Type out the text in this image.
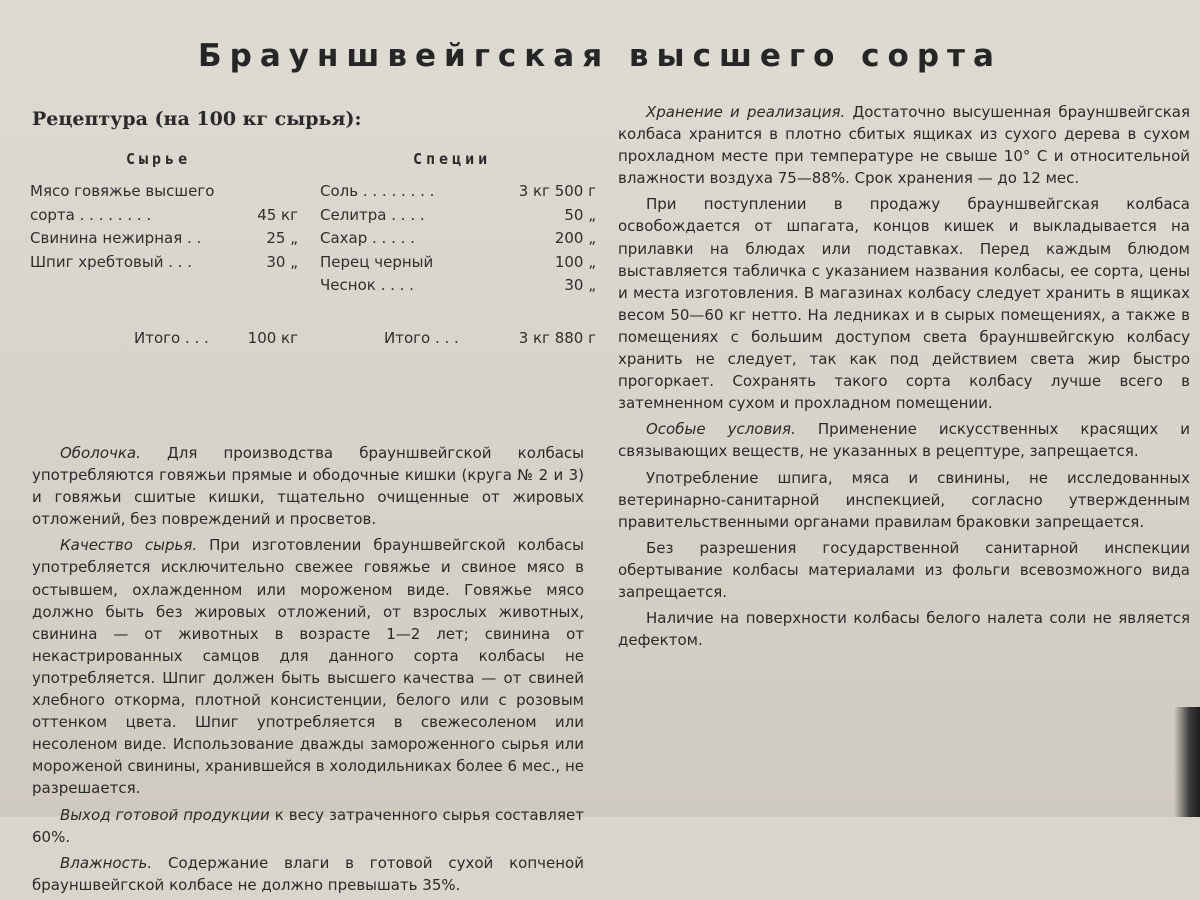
Брауншвейгская высшего сорта
Рецептура (на 100 кг сырья):
Сырье	Специи
Мясо говяжье высшего
сорта . . . . . . . .	45 кг
Свинина нежирная . .	25 „
Шпиг хребтовый . . .	30 „
Соль . . . . . . . .	3 кг 500 г
Селитра . . . .	50 „
Сахар . . . . .	200 „
Перец черный	100 „
Чеснок . . . .	30 „
Итого . . .	100 кг	Итого . . .	3 кг 880 г

Оболочка. Для производства брауншвейгской колбасы употребляются говяжьи прямые и ободочные кишки (круга № 2 и 3) и говяжьи сшитые кишки, тщательно очищенные от жировых отложений, без повреждений и просветов.

Качество сырья. При изготовлении брауншвейгской колбасы употребляется исключительно свежее говяжье и свиное мясо в остывшем, охлажденном или мороженом виде. Говяжье мясо должно быть без жировых отложений, от взрослых животных, свинина — от животных в возрасте 1—2 лет; свинина от некастрированных самцов для данного сорта колбасы не употребляется. Шпиг должен быть высшего качества — от свиней хлебного откорма, плотной консистенции, белого или с розовым оттенком цвета. Шпиг употребляется в свежесоленом или несоленом виде. Использование дважды замороженного сырья или мороженой свинины, хранившейся в холодильниках более 6 мес., не разрешается.

Выход готовой продукции к весу затраченного сырья составляет 60%.

Влажность. Содержание влаги в готовой сухой копченой брауншвейгской колбасе не должно превышать 35%.

Хранение и реализация. Достаточно высушенная брауншвейгская колбаса хранится в плотно сбитых ящиках из сухого дерева в сухом прохладном месте при температуре не свыше 10° С и относительной влажности воздуха 75—88%. Срок хранения — до 12 мес.

При поступлении в продажу брауншвейгская колбаса освобождается от шпагата, концов кишек и выкладывается на прилавки на блюдах или подставках. Перед каждым блюдом выставляется табличка с указанием названия колбасы, ее сорта, цены и места изготовления. В магазинах колбасу следует хранить в ящиках весом 50—60 кг нетто. На ледниках и в сырых помещениях, а также в помещениях с большим доступом света брауншвейгскую колбасу хранить не следует, так как под действием света жир быстро прогоркает. Сохранять такого сорта колбасу лучше всего в затемненном сухом и прохладном помещении.

Особые условия. Применение искусственных красящих и связывающих веществ, не указанных в рецептуре, запрещается.

Употребление шпига, мяса и свинины, не исследованных ветеринарно-санитарной инспекцией, согласно утвержденным правительственными органами правилам браковки запрещается.

Без разрешения государственной санитарной инспекции обертывание колбасы материалами из фольги всевозможного вида запрещается.

Наличие на поверхности колбасы белого налета соли не является дефектом.
